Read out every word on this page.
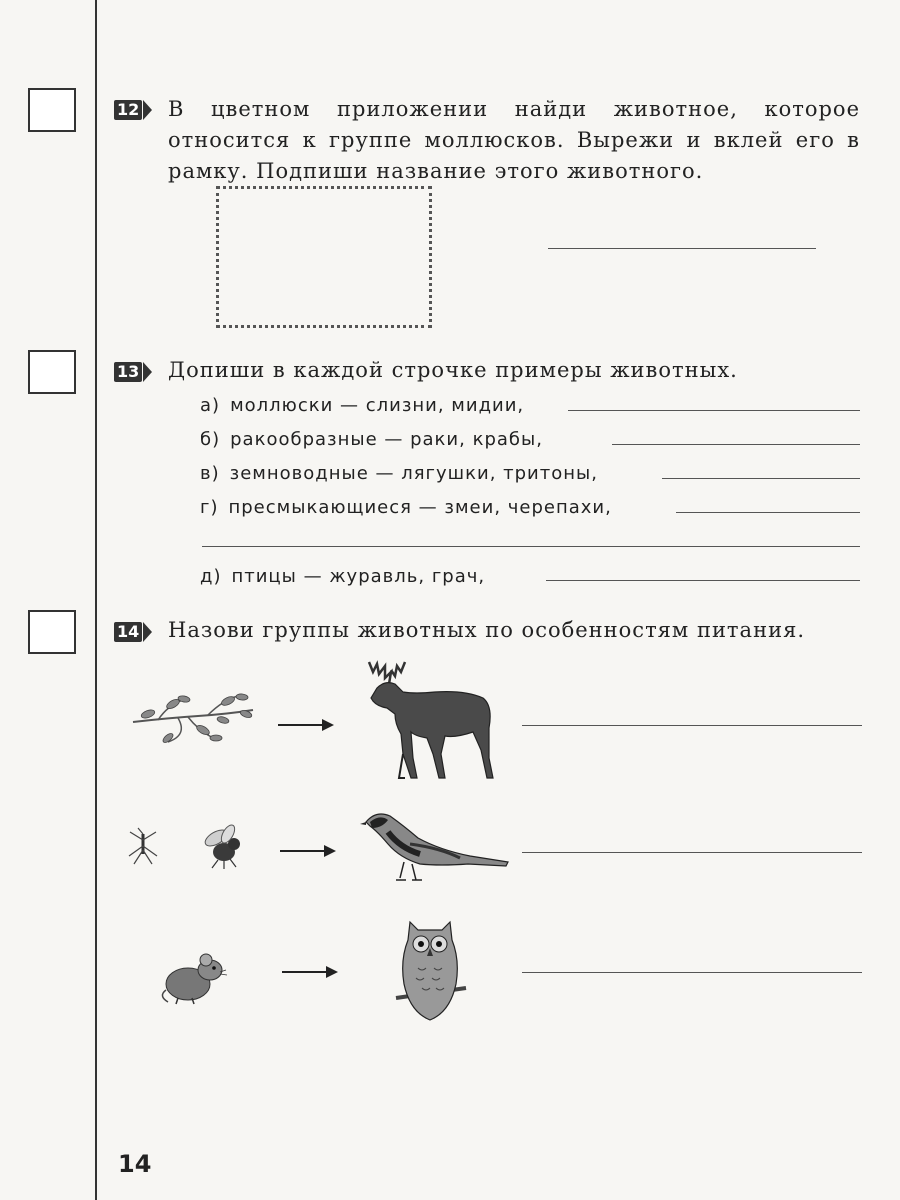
12 В цветном приложении найди животное, которое относится к группе моллюсков. Вырежи и вклей его в рамку. Подпиши название этого животного.
13 Допиши в каждой строчке примеры животных.
а) моллюски — слизни, мидии,
б) ракообразные — раки, крабы,
в) земноводные — лягушки, тритоны,
г) пресмыкающиеся — змеи, черепахи,
д) птицы — журавль, грач,
14 Назови группы животных по особенностям питания.
14
